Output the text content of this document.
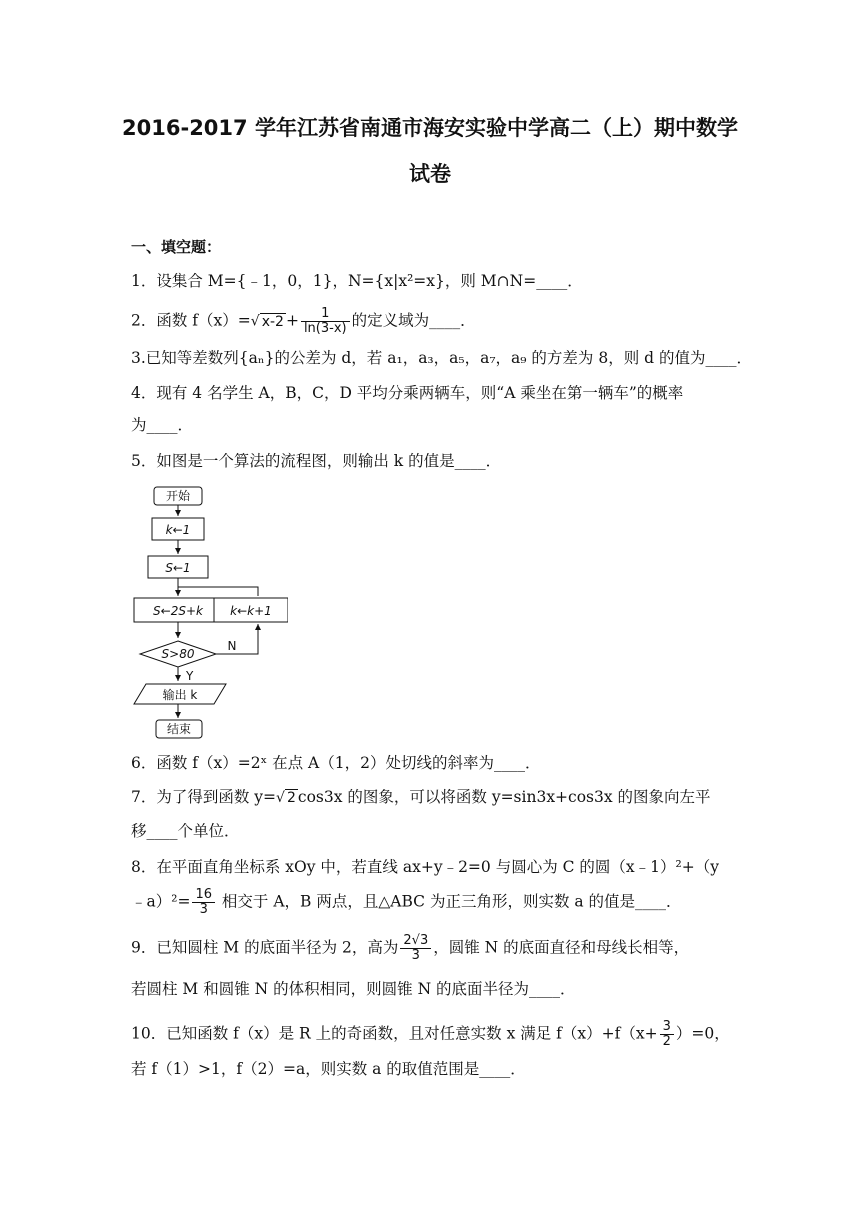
2016-2017 学年江苏省南通市海安实验中学高二（上）期中数学
试卷
一、填空题：
1．设集合 M={﹣1，0，1}，N={x|x²=x}，则 M∩N=____．
2．函数 f（x）=√ $x-2 + \frac{1}{\ln(3-x)}$ 的定义域为____．
3.已知等差数列{aₙ}的公差为 d，若 a₁，a₃，a₅，a₇，a₉ 的方差为 8，则 d 的值为____．
4．现有 4 名学生 A，B，C，D 平均分乘两辆车，则“A 乘坐在第一辆车”的概率
为____．
5．如图是一个算法的流程图，则输出 k 的值是____．
开始
k←1
S←1
S←2S+k k←k+1
S>80
N
Y
输出 k
结束
6．函数 f（x）=2ˣ 在点 A（1，2）处切线的斜率为____．
7．为了得到函数 y=√ 2 cos3x 的图象，可以将函数 y=sin3x+cos3x 的图象向左平
移____个单位．
8．在平面直角坐标系 xOy 中，若直线 ax+y﹣2=0 与圆心为 C 的圆（x﹣1）²+（y
﹣a）²= $\frac{16}{3}$ 相交于 A，B 两点，且△ABC 为正三角形，则实数 a 的值是____．
9．已知圆柱 M 的底面半径为 2，高为 $\frac{2√3}{3}$ ，圆锥 N 的底面直径和母线长相等，
若圆柱 M 和圆锥 N 的体积相同，则圆锥 N 的底面半径为____．
10．已知函数 f（x）是 R 上的奇函数，且对任意实数 x 满足 $f(x)+f(x+ \frac{3}{2} )=0$，
若 f（1）>1，f（2）=a，则实数 a 的取值范围是____．
